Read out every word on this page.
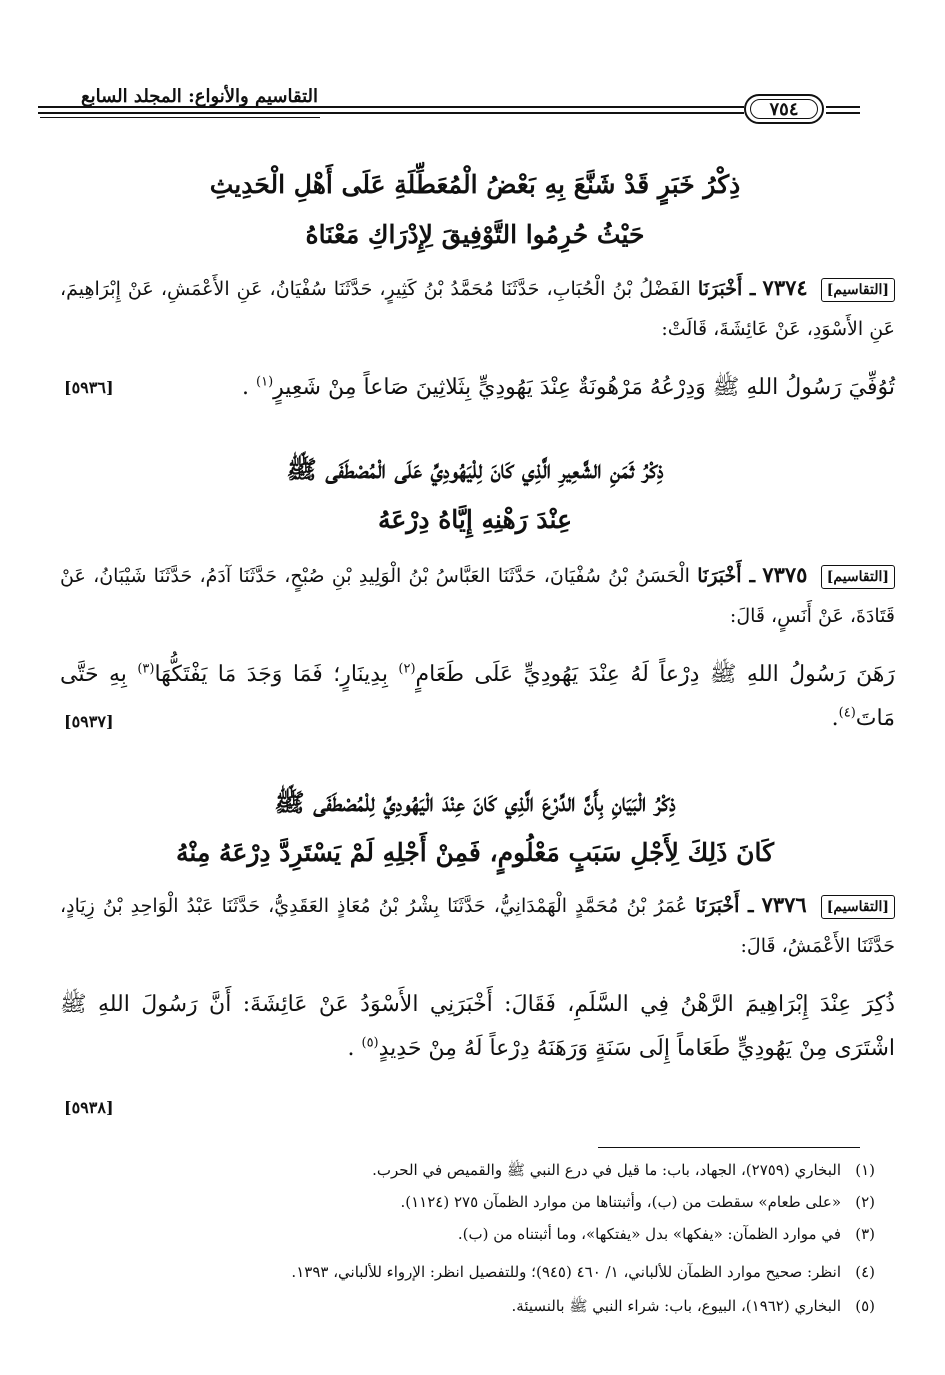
التقاسيم والأنواع: المجلد السابع
٧٥٤
ذِكْرُ خَبَرٍ قَدْ شَنَّعَ بِهِ بَعْضُ الْمُعَطِّلَةِ عَلَى أَهْلِ الْحَدِيثِ
حَيْثُ حُرِمُوا التَّوْفِيقَ لِإِدْرَاكِ مَعْنَاهُ
[التقاسيم] ٧٣٧٤ ـ أَخْبَرَنَا الفَضْلُ بْنُ الْحُبَابِ، حَدَّثَنَا مُحَمَّدُ بْنُ كَثِيرٍ، حَدَّثَنَا سُفْيَانُ، عَنِ الأَعْمَشِ، عَنْ إِبْرَاهِيمَ، عَنِ الأَسْوَدِ، عَنْ عَائِشَةَ، قَالَتْ:
تُوُفِّيَ رَسُولُ اللهِ ﷺ وَدِرْعُهُ مَرْهُونَةٌ عِنْدَ يَهُودِيٍّ بِثَلاثِينَ صَاعاً مِنْ شَعِيرٍ$^{(١)}$ .
[٥٩٣٦]
ذِكْرُ ثَمَنِ الشَّعِيرِ الَّذِي كَانَ لِلْيَهُودِيِّ عَلَى الْمُصْطَفَى ﷺ
عِنْدَ رَهْنِهِ إِيَّاهُ دِرْعَهُ
[التقاسيم] ٧٣٧٥ ـ أَخْبَرَنَا الْحَسَنُ بْنُ سُفْيَانَ، حَدَّثَنَا العَبَّاسُ بْنُ الْوَلِيدِ بْنِ صُبْحٍ، حَدَّثَنَا آدَمُ، حَدَّثَنَا شَيْبَانُ، عَنْ قَتَادَةَ، عَنْ أَنَسٍ، قَالَ:
رَهَنَ رَسُولُ اللهِ ﷺ دِرْعاً لَهُ عِنْدَ يَهُودِيٍّ عَلَى طَعَامٍ$^{(٢)}$ بِدِينَارٍ؛ فَمَا وَجَدَ مَا يَفْتَكُّهَا$^{(٣)}$ بِهِ حَتَّى مَاتَ$^{(٤)}$.
[٥٩٣٧]
ذِكْرُ الْبَيَانِ بِأَنَّ الدِّرْعَ الَّذِي كَانَ عِنْدَ الْيَهُودِيِّ لِلْمُصْطَفَى ﷺ
كَانَ ذَلِكَ لِأَجْلِ سَبَبٍ مَعْلُومٍ، فَمِنْ أَجْلِهِ لَمْ يَسْتَرِدَّ دِرْعَهُ مِنْهُ
[التقاسيم] ٧٣٧٦ ـ أَخْبَرَنَا عُمَرُ بْنُ مُحَمَّدٍ الْهَمْدَانِيُّ، حَدَّثَنَا بِشْرُ بْنُ مُعَاذٍ العَقَدِيُّ، حَدَّثَنَا عَبْدُ الْوَاحِدِ بْنُ زِيَادٍ، حَدَّثَنَا الأَعْمَشُ، قَالَ:
ذُكِرَ عِنْدَ إِبْرَاهِيمَ الرَّهْنُ فِي السَّلَمِ، فَقَالَ: أَخْبَرَنِي الأَسْوَدُ عَنْ عَائِشَةَ: أَنَّ رَسُولَ اللهِ ﷺ اشْتَرَى مِنْ يَهُودِيٍّ طَعَاماً إِلَى سَنَةٍ وَرَهَنَهُ دِرْعاً لَهُ مِنْ حَدِيدٍ$^{(٥)}$ .
[٥٩٣٨]
(١)البخاري (٢٧٥٩)، الجهاد، باب: ما قيل في درع النبي ﷺ والقميص في الحرب.
(٢)«على طعام» سقطت من (ب)، وأثبتناها من موارد الظمآن ٢٧٥ (١١٢٤).
(٣)في موارد الظمآن: «يفكها» بدل «يفتكها»، وما أثبتناه من (ب).
(٤)انظر: صحيح موارد الظمآن للألباني، ١/ ٤٦٠ (٩٤٥)؛ وللتفصيل انظر: الإرواء للألباني، ١٣٩٣.
(٥)البخاري (١٩٦٢)، البيوع، باب: شراء النبي ﷺ بالنسيئة.
